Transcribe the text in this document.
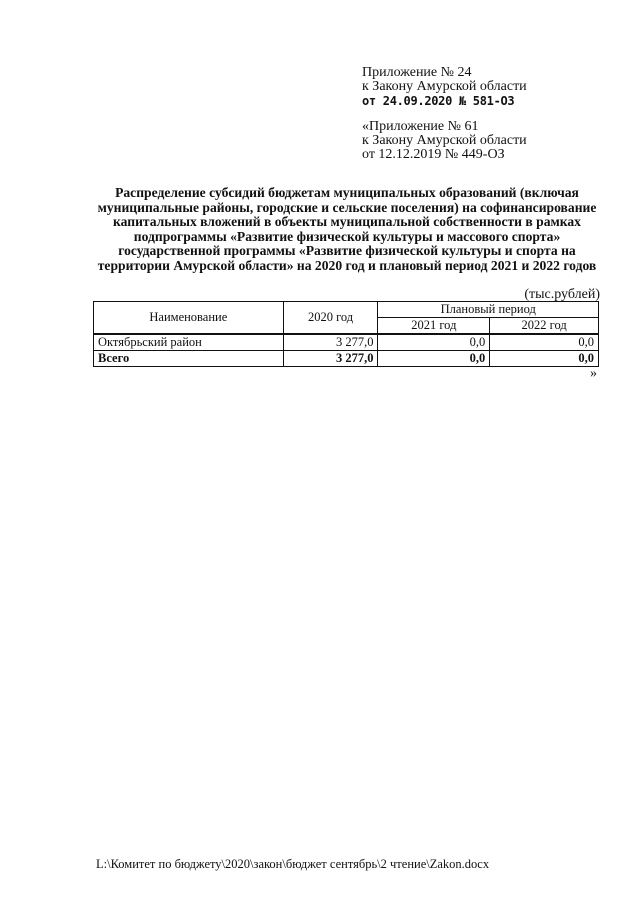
Приложение № 24
к Закону Амурской области
от 24.09.2020 № 581-ОЗ
«Приложение № 61
к Закону Амурской области
от 12.12.2019 № 449-ОЗ
Распределение субсидий бюджетам муниципальных образований (включая муниципальные районы, городские и сельские поселения) на софинансирование капитальных вложений в объекты муниципальной собственности в рамках подпрограммы «Развитие физической культуры и массового спорта» государственной программы «Развитие физической культуры и спорта на территории Амурской области» на 2020 год и плановый период 2021 и 2022 годов
(тыс.рублей)
Наименование	2020 год	Плановый период	
		2021 год	2022 год
Октябрьский район	3 277,0	0,0	0,0
Всего	3 277,0	0,0	0,0
»
L:\Комитет по бюджету\2020\закон\бюджет сентябрь\2 чтение\Zakon.docx
